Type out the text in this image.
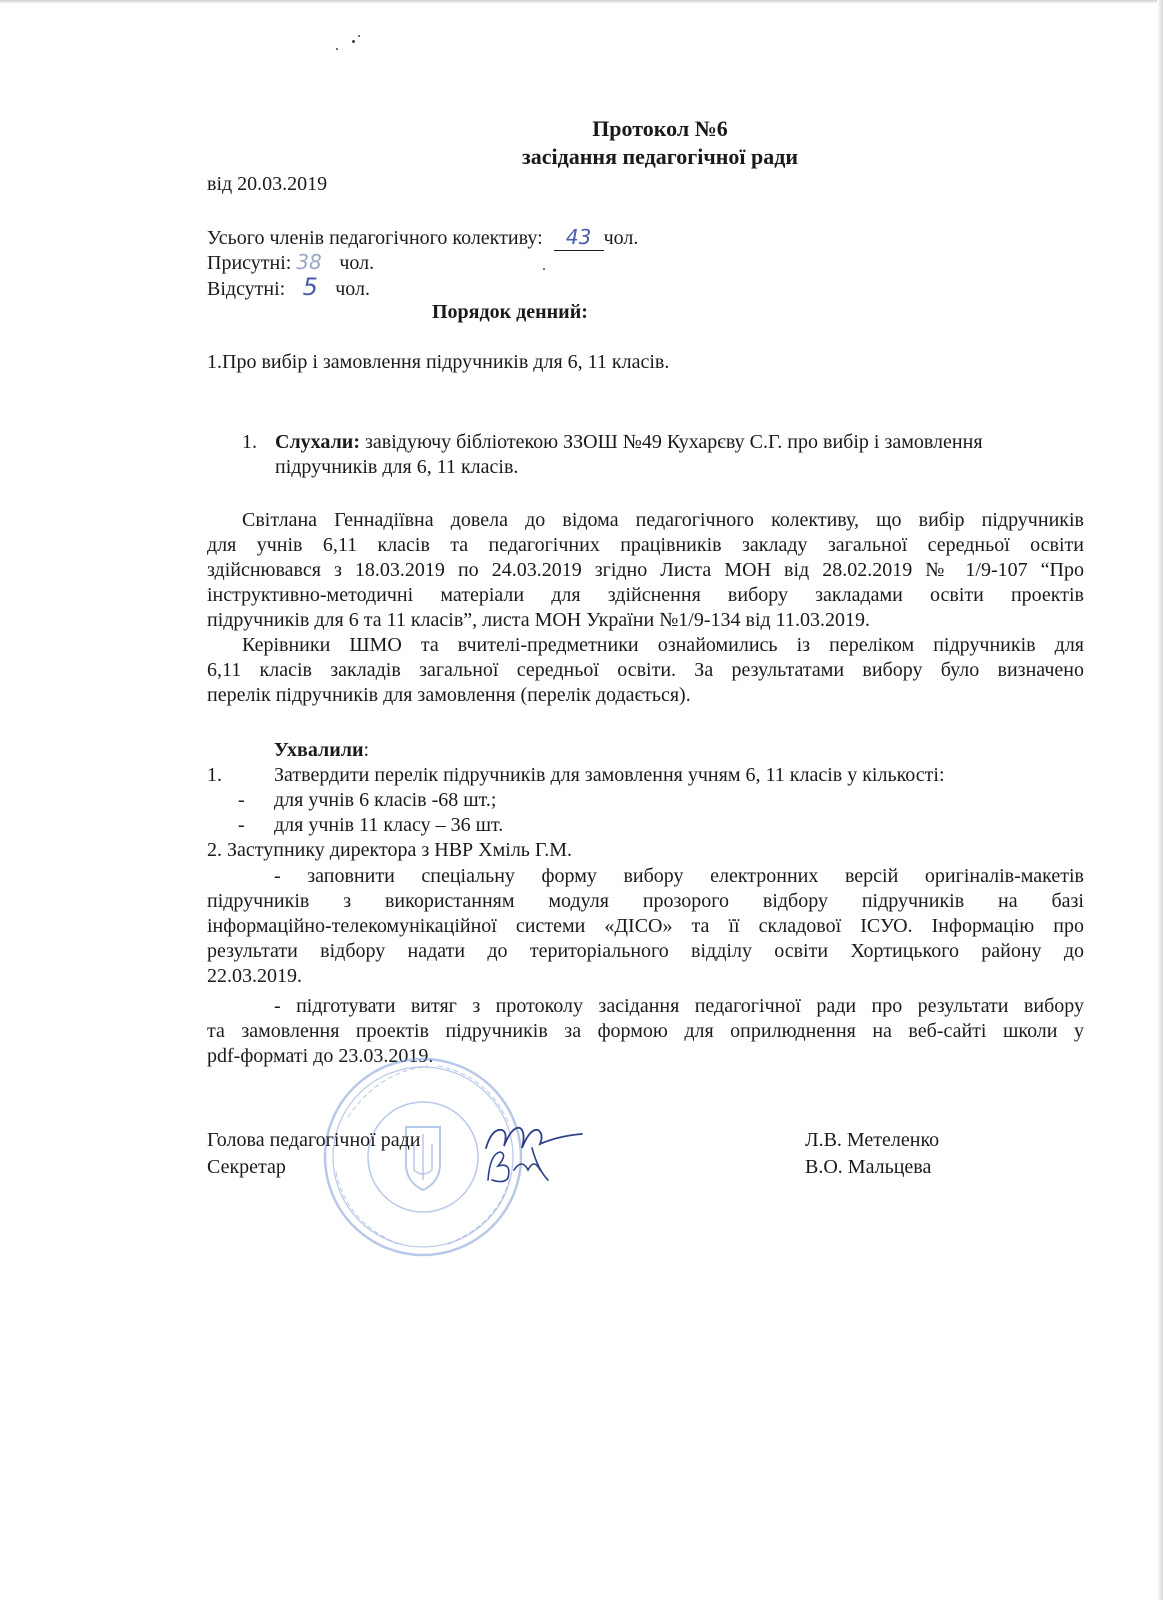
Протокол №6
засідання педагогічної ради
від 20.03.2019
Усього членів педагогічного колективу: 43 чол.
Присутні: 38 чол.
Відсутні: 5 чол.
Порядок денний:
1.Про вибір і замовлення підручників для 6, 11 класів.
1. Слухали: завідуючу бібліотекою ЗЗОШ №49 Кухарєву С.Г. про вибір і замовлення
підручників для 6, 11 класів.
Світлана Геннадіївна довела до відома педагогічного колективу, що вибір підручників
для учнів 6,11 класів та педагогічних працівників закладу загальної середньої освіти
здійснювався з 18.03.2019 по 24.03.2019 згідно Листа МОН від 28.02.2019 № 1/9-107 “Про
інструктивно-методичні матеріали для здійснення вибору закладами освіти проектів
підручників для 6 та 11 класів”, листа МОН України №1/9-134 від 11.03.2019.
Керівники ШМО та вчителі-предметники ознайомились із переліком підручників для
6,11 класів закладів загальної середньої освіти. За результатами вибору було визначено
перелік підручників для замовлення (перелік додається).
Ухвалили:
1.	Затвердити перелік підручників для замовлення учням 6, 11 класів у кількості:
- для учнів 6 класів -68 шт.;
- для учнів 11 класу – 36 шт.
2. Заступнику директора з НВР Хміль Г.М.
- заповнити спеціальну форму вибору електронних версій оригіналів-макетів
підручників з використанням модуля прозорого відбору підручників на базі
інформаційно-телекомунікаційної системи «ДІСО» та її складової ІСУО. Інформацію про
результати відбору надати до територіального відділу освіти Хортицького району до
22.03.2019.
- підготувати витяг з протоколу засідання педагогічної ради про результати вибору
та замовлення проектів підручників за формою для оприлюднення на веб-сайті школи у
pdf-форматі до 23.03.2019.
Голова педагогічної ради	Л.В. Метеленко
Секретар	В.О. Мальцева
